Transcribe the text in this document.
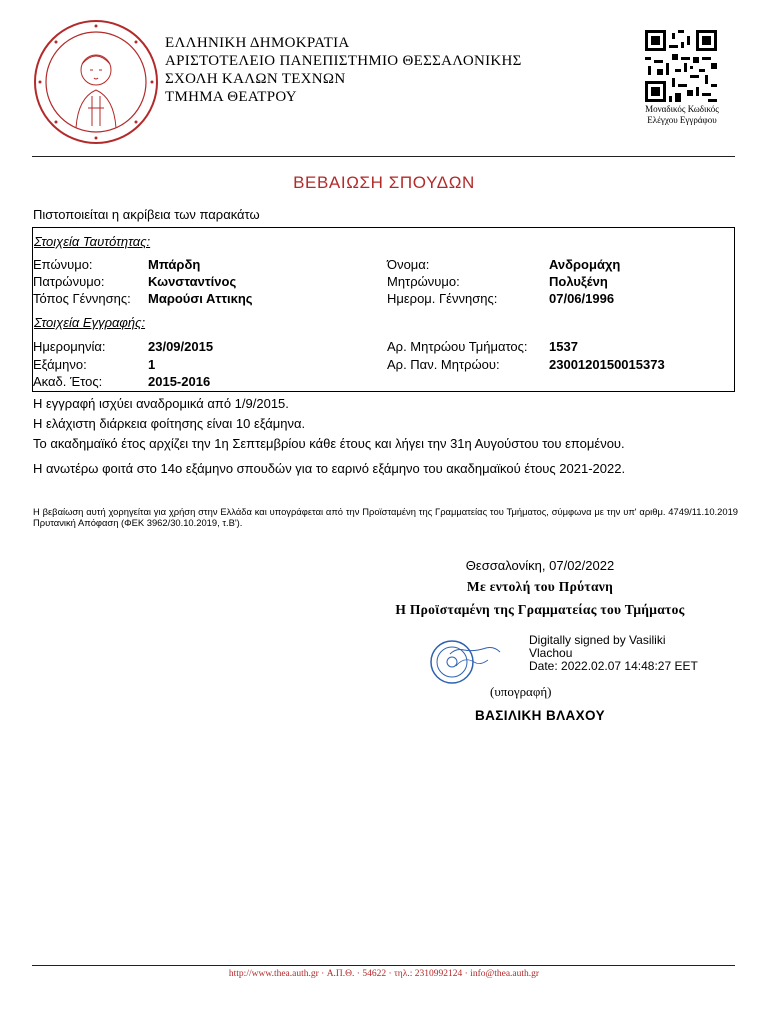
ΕΛΛΗΝΙΚΗ ΔΗΜΟΚΡΑΤΙΑ
ΑΡΙΣΤΟΤΕΛΕΙΟ ΠΑΝΕΠΙΣΤΗΜΙΟ ΘΕΣΣΑΛΟΝΙΚΗΣ
ΣΧΟΛΗ ΚΑΛΩΝ ΤΕΧΝΩΝ
ΤΜΗΜΑ ΘΕΑΤΡΟΥ
Μοναδικός Κωδικός
Ελέγχου Εγγράφου
ΒΕΒΑΙΩΣΗ ΣΠΟΥΔΩΝ
Πιστοποιείται η ακρίβεια των παρακάτω
Στοιχεία Ταυτότητας:
Επώνυμο:	Μπάρδη	Όνομα:	Ανδρομάχη
Πατρώνυμο:	Κωνσταντίνος	Μητρώνυμο:	Πολυξένη
Τόπος Γέννησης: Μαρούσι Αττικης	Ημερομ. Γέννησης:	07/06/1996
Στοιχεία Εγγραφής:
Ημερομηνία:	23/09/2015	Αρ. Μητρώου Τμήματος: 1537
Εξάμηνο:	1	Αρ. Παν. Μητρώου:	2300120150015373
Ακαδ. Έτος:	2015-2016
Η εγγραφή ισχύει αναδρομικά από 1/9/2015.
Η ελάχιστη διάρκεια φοίτησης είναι 10 εξάμηνα.
Το ακαδημαϊκό έτος αρχίζει την 1η Σεπτεμβρίου κάθε έτους και λήγει την 31η Αυγούστου του επομένου.
Η ανωτέρω φοιτά στο 14ο εξάμηνο σπουδών για το εαρινό εξάμηνο του ακαδημαϊκού έτους 2021-2022.
Η βεβαίωση αυτή χορηγείται για χρήση στην Ελλάδα και υπογράφεται από την Προϊσταμένη της Γραμματείας του Τμήματος, σύμφωνα με την υπ' αριθμ. 4749/11.10.2019 Πρυτανική Απόφαση (ΦΕΚ 3962/30.10.2019, τ.Β').
Θεσσαλονίκη, 07/02/2022
Με εντολή του Πρύτανη
Η Προϊσταμένη της Γραμματείας του Τμήματος
Digitally signed by Vasiliki
Vlachou
Date: 2022.02.07 14:48:27 EET
(υπογραφή)
ΒΑΣΙΛΙΚΗ ΒΛΑΧΟΥ
http://www.thea.auth.gr · Α.Π.Θ. · 54622 · τηλ.: 2310992124 · info@thea.auth.gr
